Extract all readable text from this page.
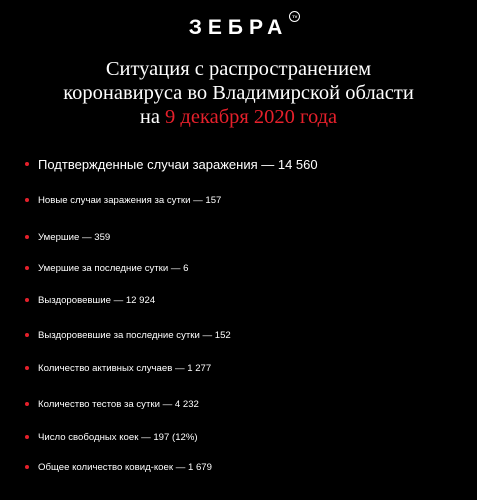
ЗЕБРА TV
Ситуация с распространением
коронавируса во Владимирской области
на 9 декабря 2020 года
Подтвержденные случаи заражения — 14 560
Новые случаи заражения за сутки — 157
Умершие — 359
Умершие за последние сутки — 6
Выздоровевшие — 12 924
Выздоровевшие за последние сутки — 152
Количество активных случаев — 1 277
Количество тестов за сутки — 4 232
Число свободных коек — 197 (12%)
Общее количество ковид-коек — 1 679
